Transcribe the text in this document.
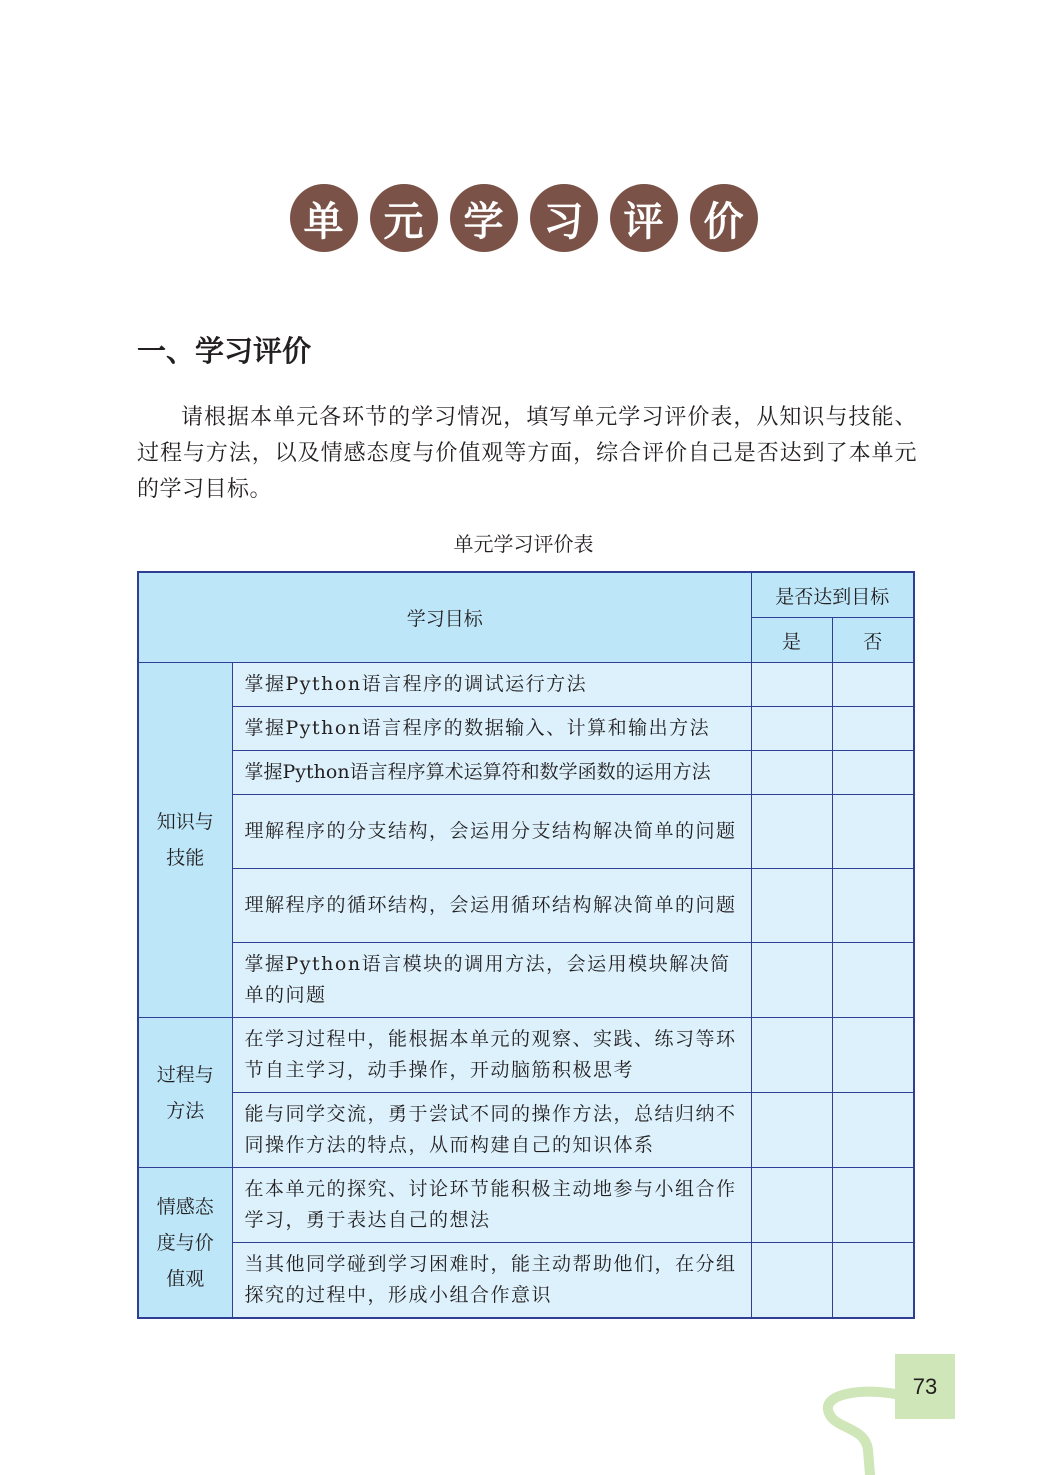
单	元	学	习	评	价
一、学习评价

请根据本单元各环节的学习情况，填写单元学习评价表，从知识与技能、过程与方法，以及情感态度与价值观等方面，综合评价自己是否达到了本单元的学习目标。

单元学习评价表
学习目标		是否达到目标	
		是	否

知识与
技能	掌握Python语言程序的调试运行方法		
	掌握Python语言程序的数据输入、计算和输出方法		
	掌握Python语言程序算术运算符和数学函数的运用方法		
	理解程序的分支结构，会运用分支结构解决简单的问题		
	理解程序的循环结构，会运用循环结构解决简单的问题		
	掌握Python语言模块的调用方法，会运用模块解决简单的问题		

过程与
方法	在学习过程中，能根据本单元的观察、实践、练习等环节自主学习，动手操作，开动脑筋积极思考		
	能与同学交流，勇于尝试不同的操作方法，总结归纳不同操作方法的特点，从而构建自己的知识体系		

情感态
度与价
值观	在本单元的探究、讨论环节能积极主动地参与小组合作学习，勇于表达自己的想法		
	当其他同学碰到学习困难时，能主动帮助他们，在分组探究的过程中，形成小组合作意识		
73
